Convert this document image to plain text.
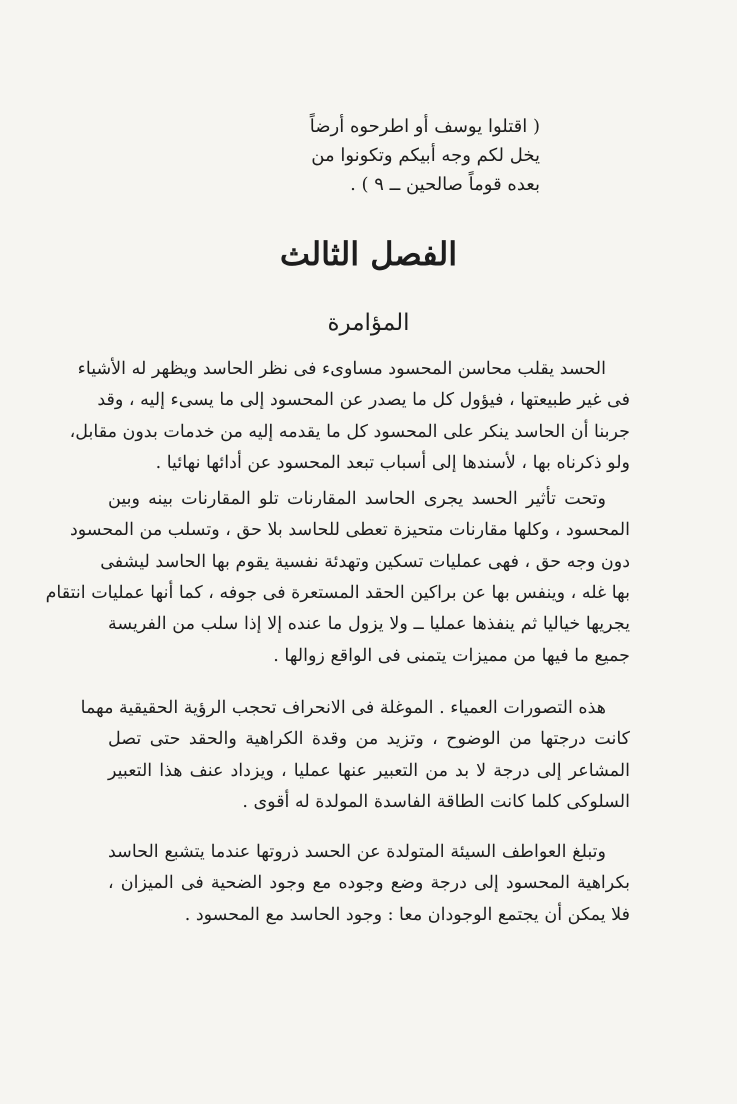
( اقتلوا يوسف أو اطرحوه أرضاً
يخل لكم وجه أبيكم وتكونوا من
بعده قوماً صالحين ــ ٩ ) .
الفصل الثالث
المؤامرة
الحسد يقلب محاسن المحسود مساوىء فى نظر الحاسد ويظهر له الأشياء
فى غير طبيعتها ، فيؤول كل ما يصدر عن المحسود إلى ما يسىء إليه ، وقد
جربنا أن الحاسد ينكر على المحسود كل ما يقدمه إليه من خدمات بدون مقابل،
ولو ذكرناه بها ، لأسندها إلى أسباب تبعد المحسود عن أدائها نهائيا .
وتحت تأثير الحسد يجرى الحاسد المقارنات تلو المقارنات بينه وبين
المحسود ، وكلها مقارنات متحيزة تعطى للحاسد بلا حق ، وتسلب من المحسود
دون وجه حق ، فهى عمليات تسكين وتهدئة نفسية يقوم بها الحاسد ليشفى
بها غله ، وينفس بها عن براكين الحقد المستعرة فى جوفه ، كما أنها عمليات انتقام
يجريها خياليا ثم ينفذها عمليا ــ ولا يزول ما عنده إلا إذا سلب من الفريسة
جميع ما فيها من مميزات يتمنى فى الواقع زوالها .
هذه التصورات العمياء . الموغلة فى الانحراف تحجب الرؤية الحقيقية مهما
كانت درجتها من الوضوح ، وتزيد من وقدة الكراهية والحقد حتى تصل
المشاعر إلى درجة لا بد من التعبير عنها عمليا ، ويزداد عنف هذا التعبير
السلوكى كلما كانت الطاقة الفاسدة المولدة له أقوى .
وتبلغ العواطف السيئة المتولدة عن الحسد ذروتها عندما يتشبع الحاسد
بكراهية المحسود إلى درجة وضع وجوده مع وجود الضحية فى الميزان ،
فلا يمكن أن يجتمع الوجودان معا : وجود الحاسد مع المحسود .
